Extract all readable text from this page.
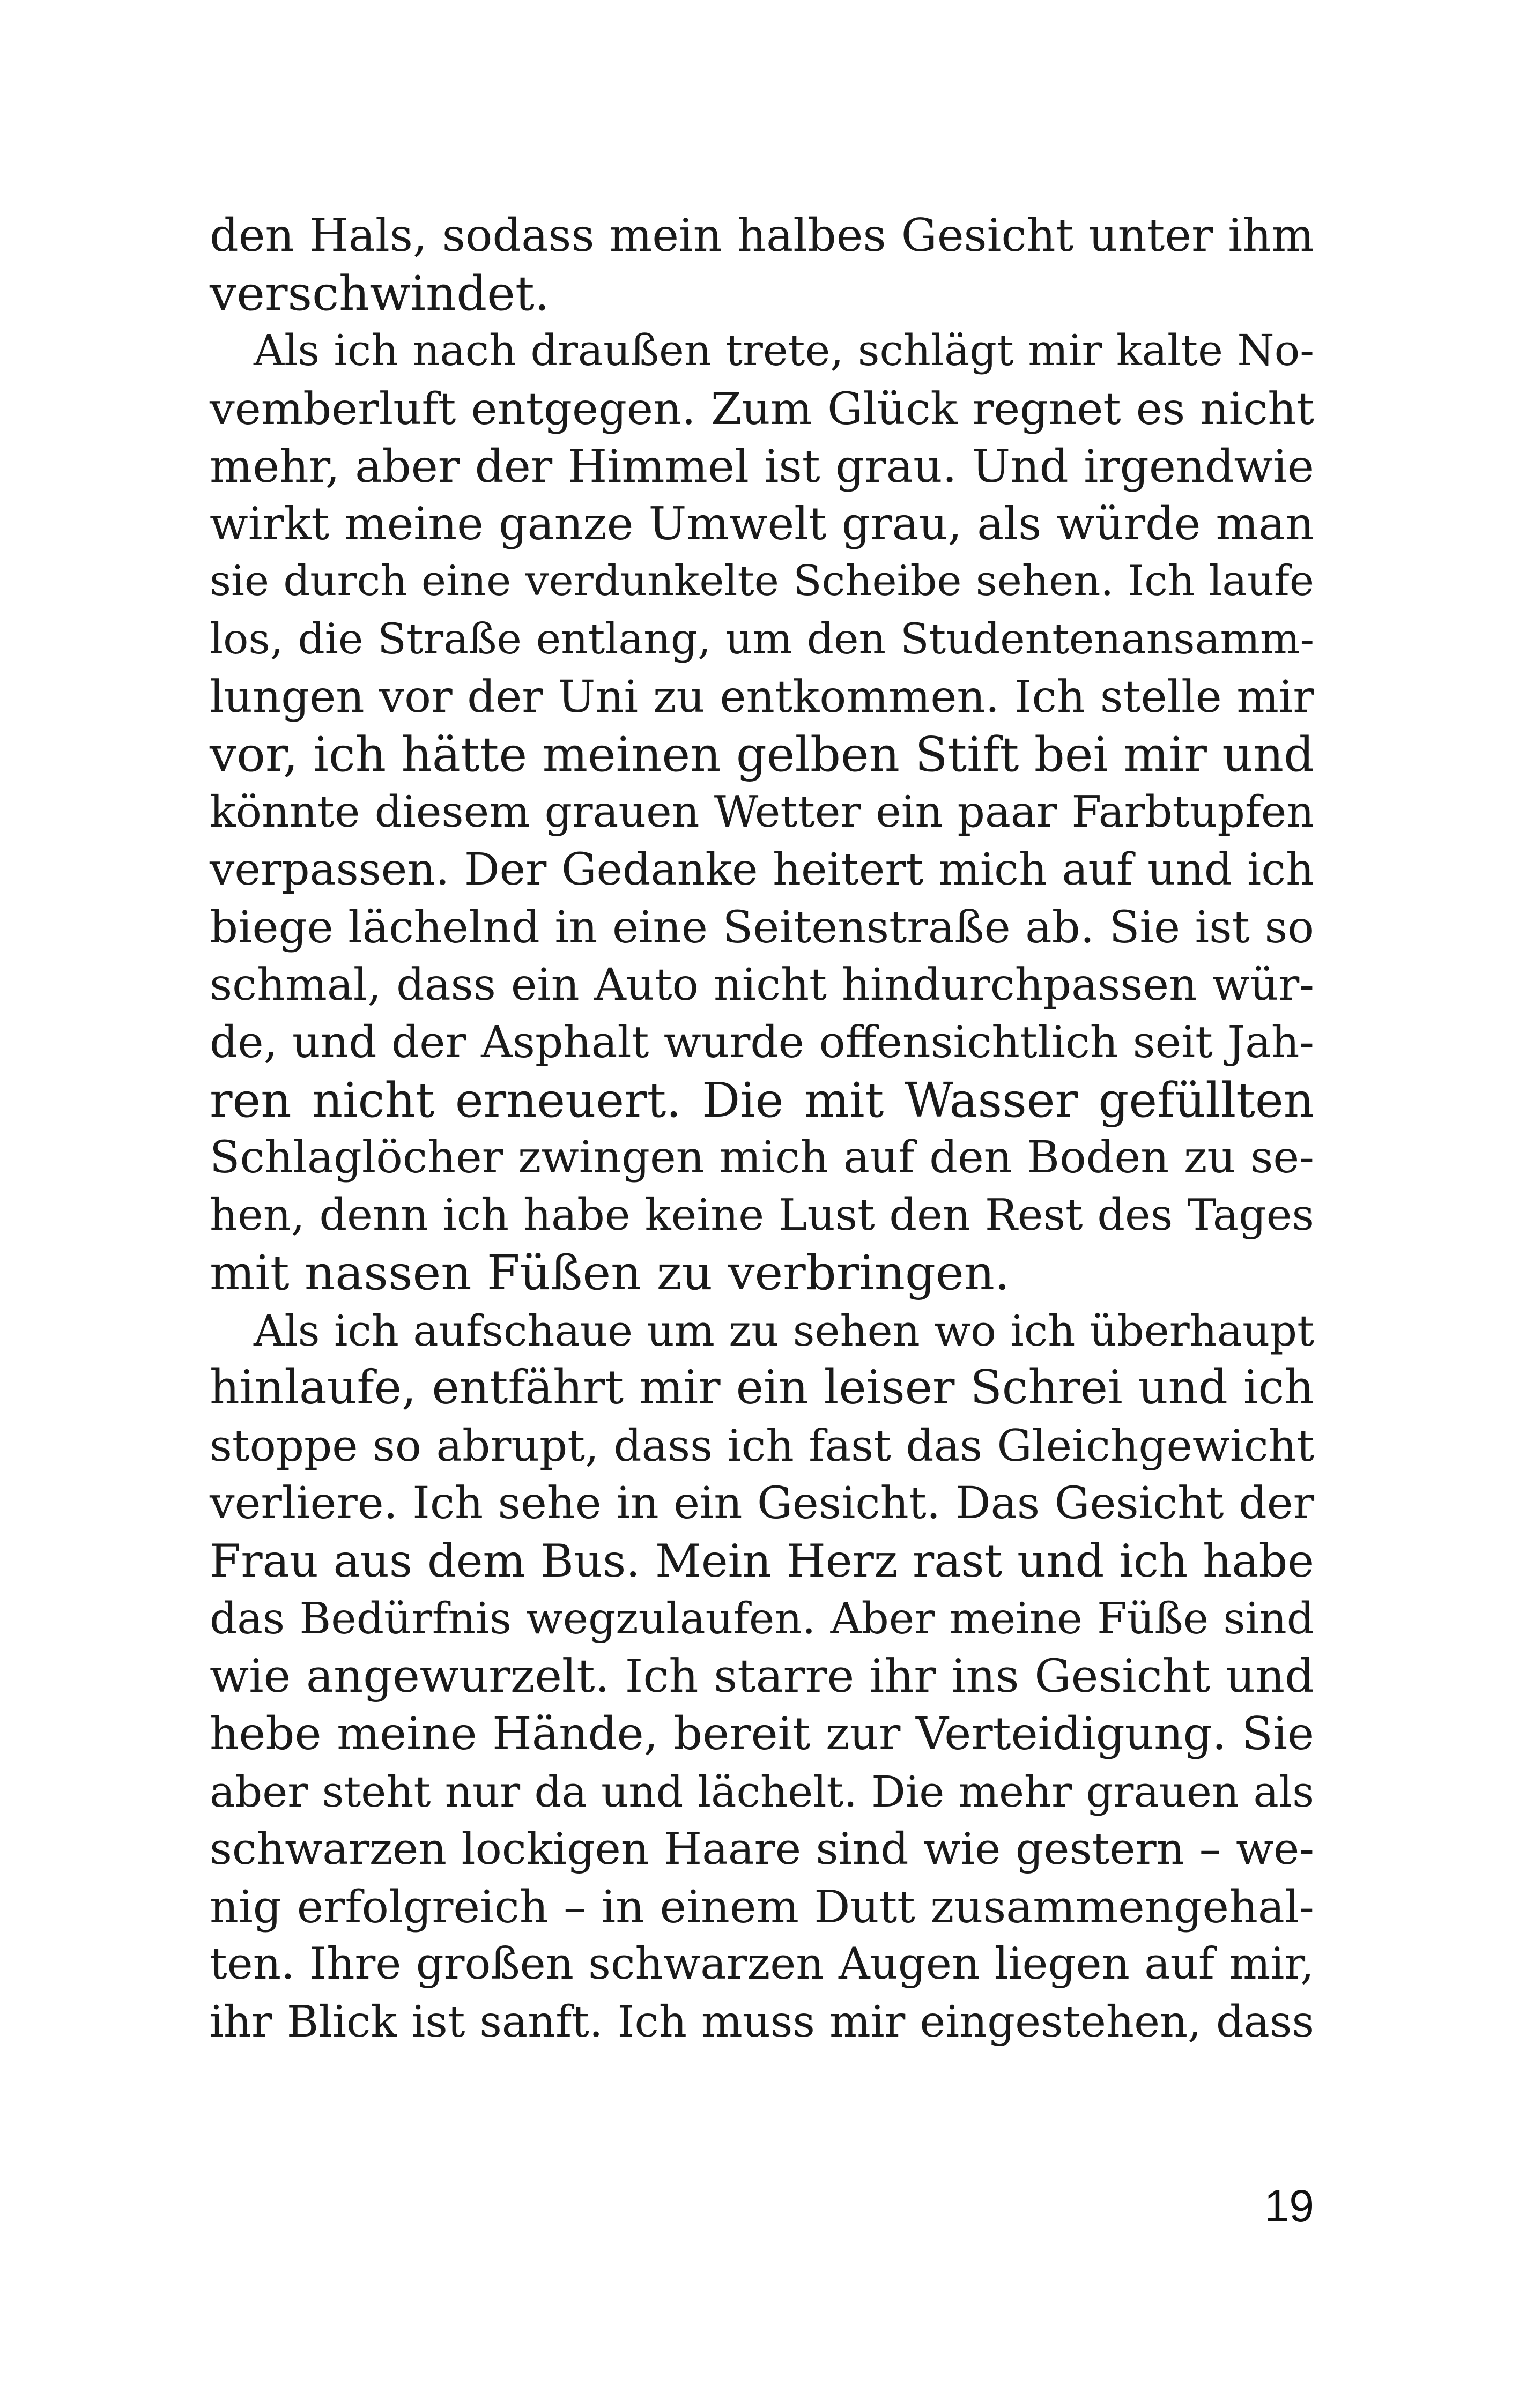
den Hals, sodass mein halbes Gesicht unter ihm
verschwindet.
Als ich nach draußen trete, schlägt mir kalte No-
vemberluft entgegen. Zum Glück regnet es nicht
mehr, aber der Himmel ist grau. Und irgendwie
wirkt meine ganze Umwelt grau, als würde man
sie durch eine verdunkelte Scheibe sehen. Ich laufe
los, die Straße entlang, um den Studentenansamm-
lungen vor der Uni zu entkommen. Ich stelle mir
vor, ich hätte meinen gelben Stift bei mir und
könnte diesem grauen Wetter ein paar Farbtupfen
verpassen. Der Gedanke heitert mich auf und ich
biege lächelnd in eine Seitenstraße ab. Sie ist so
schmal, dass ein Auto nicht hindurchpassen wür-
de, und der Asphalt wurde offensichtlich seit Jah-
ren nicht erneuert. Die mit Wasser gefüllten
Schlaglöcher zwingen mich auf den Boden zu se-
hen, denn ich habe keine Lust den Rest des Tages
mit nassen Füßen zu verbringen.
Als ich aufschaue um zu sehen wo ich überhaupt
hinlaufe, entfährt mir ein leiser Schrei und ich
stoppe so abrupt, dass ich fast das Gleichgewicht
verliere. Ich sehe in ein Gesicht. Das Gesicht der
Frau aus dem Bus. Mein Herz rast und ich habe
das Bedürfnis wegzulaufen. Aber meine Füße sind
wie angewurzelt. Ich starre ihr ins Gesicht und
hebe meine Hände, bereit zur Verteidigung. Sie
aber steht nur da und lächelt. Die mehr grauen als
schwarzen lockigen Haare sind wie gestern – we-
nig erfolgreich – in einem Dutt zusammengehal-
ten. Ihre großen schwarzen Augen liegen auf mir,
ihr Blick ist sanft. Ich muss mir eingestehen, dass
19
